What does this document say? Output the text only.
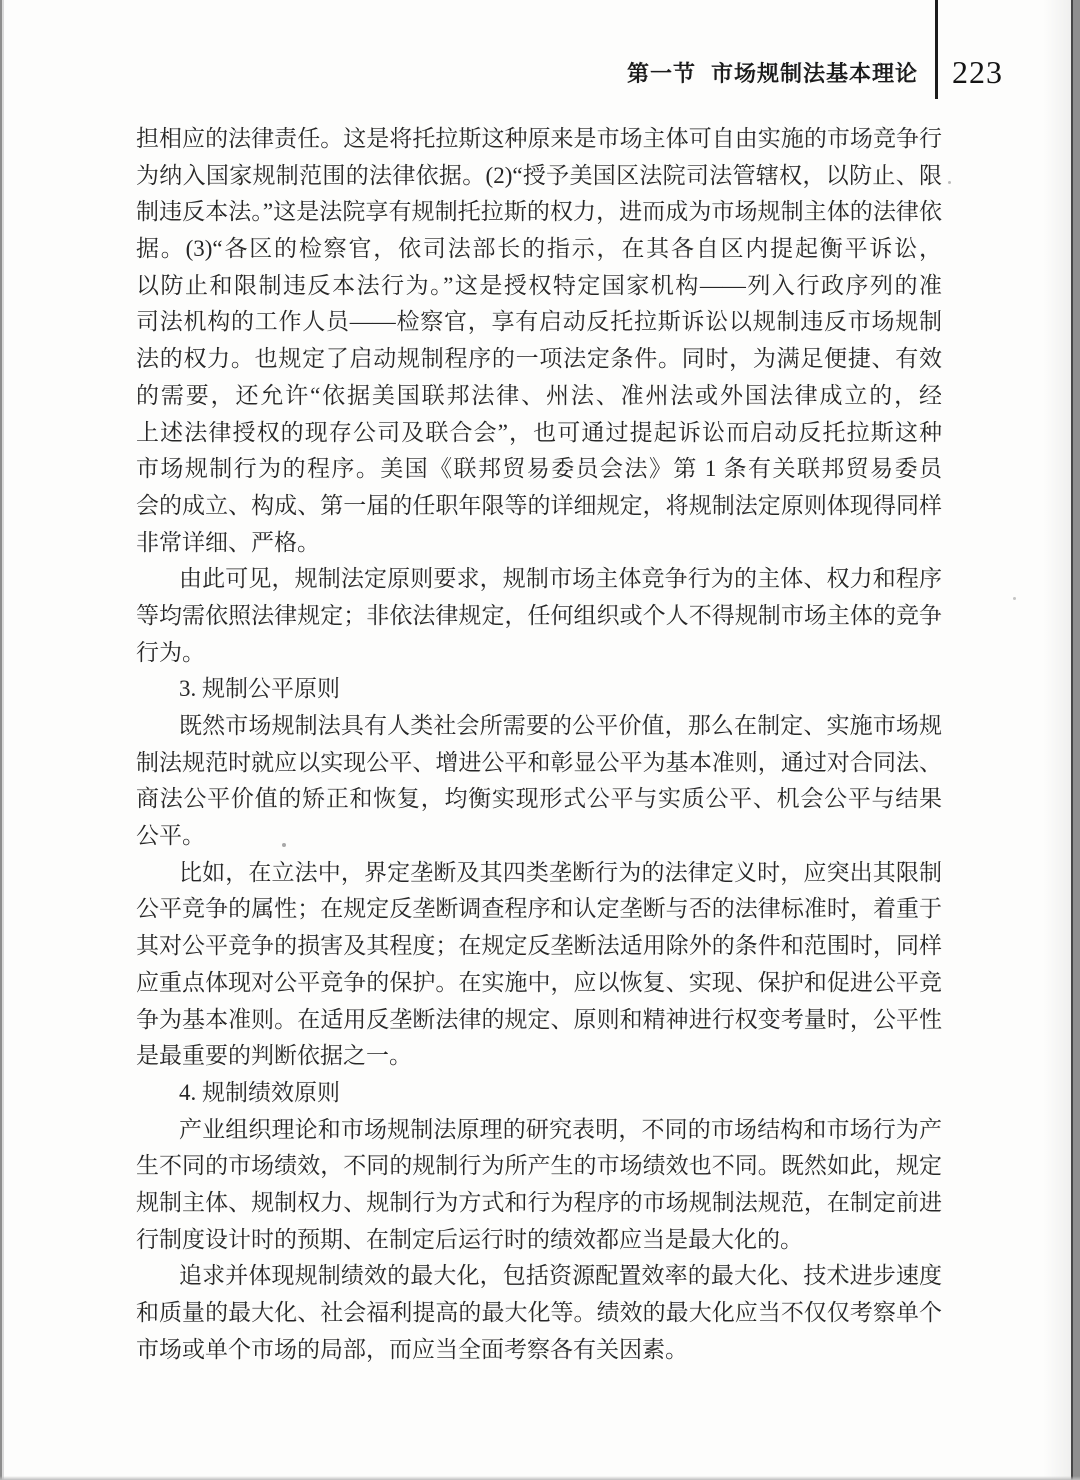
第一节 市场规制法基本理论 223
担相应的法律责任。这是将托拉斯这种原来是市场主体可自由实施的市场竞争行
为纳入国家规制范围的法律依据。(2)“授予美国区法院司法管辖权，以防止、限
制违反本法。”这是法院享有规制托拉斯的权力，进而成为市场规制主体的法律依
据。(3)“各区的检察官，依司法部长的指示，在其各自区内提起衡平诉讼，
以防止和限制违反本法行为。”这是授权特定国家机构——列入行政序列的准
司法机构的工作人员——检察官，享有启动反托拉斯诉讼以规制违反市场规制
法的权力。也规定了启动规制程序的一项法定条件。同时，为满足便捷、有效
的需要，还允许“依据美国联邦法律、州法、准州法或外国法律成立的，经
上述法律授权的现存公司及联合会”，也可通过提起诉讼而启动反托拉斯这种
市场规制行为的程序。美国《联邦贸易委员会法》第 1 条有关联邦贸易委员
会的成立、构成、第一届的任职年限等的详细规定，将规制法定原则体现得同样
非常详细、严格。
由此可见，规制法定原则要求，规制市场主体竞争行为的主体、权力和程序
等均需依照法律规定；非依法律规定，任何组织或个人不得规制市场主体的竞争
行为。
3. 规制公平原则
既然市场规制法具有人类社会所需要的公平价值，那么在制定、实施市场规
制法规范时就应以实现公平、增进公平和彰显公平为基本准则，通过对合同法、
商法公平价值的矫正和恢复，均衡实现形式公平与实质公平、机会公平与结果
公平。
比如，在立法中，界定垄断及其四类垄断行为的法律定义时，应突出其限制
公平竞争的属性；在规定反垄断调查程序和认定垄断与否的法律标准时，着重于
其对公平竞争的损害及其程度；在规定反垄断法适用除外的条件和范围时，同样
应重点体现对公平竞争的保护。在实施中，应以恢复、实现、保护和促进公平竞
争为基本准则。在适用反垄断法律的规定、原则和精神进行权变考量时，公平性
是最重要的判断依据之一。
4. 规制绩效原则
产业组织理论和市场规制法原理的研究表明，不同的市场结构和市场行为产
生不同的市场绩效，不同的规制行为所产生的市场绩效也不同。既然如此，规定
规制主体、规制权力、规制行为方式和行为程序的市场规制法规范，在制定前进
行制度设计时的预期、在制定后运行时的绩效都应当是最大化的。
追求并体现规制绩效的最大化，包括资源配置效率的最大化、技术进步速度
和质量的最大化、社会福利提高的最大化等。绩效的最大化应当不仅仅考察单个
市场或单个市场的局部，而应当全面考察各有关因素。
